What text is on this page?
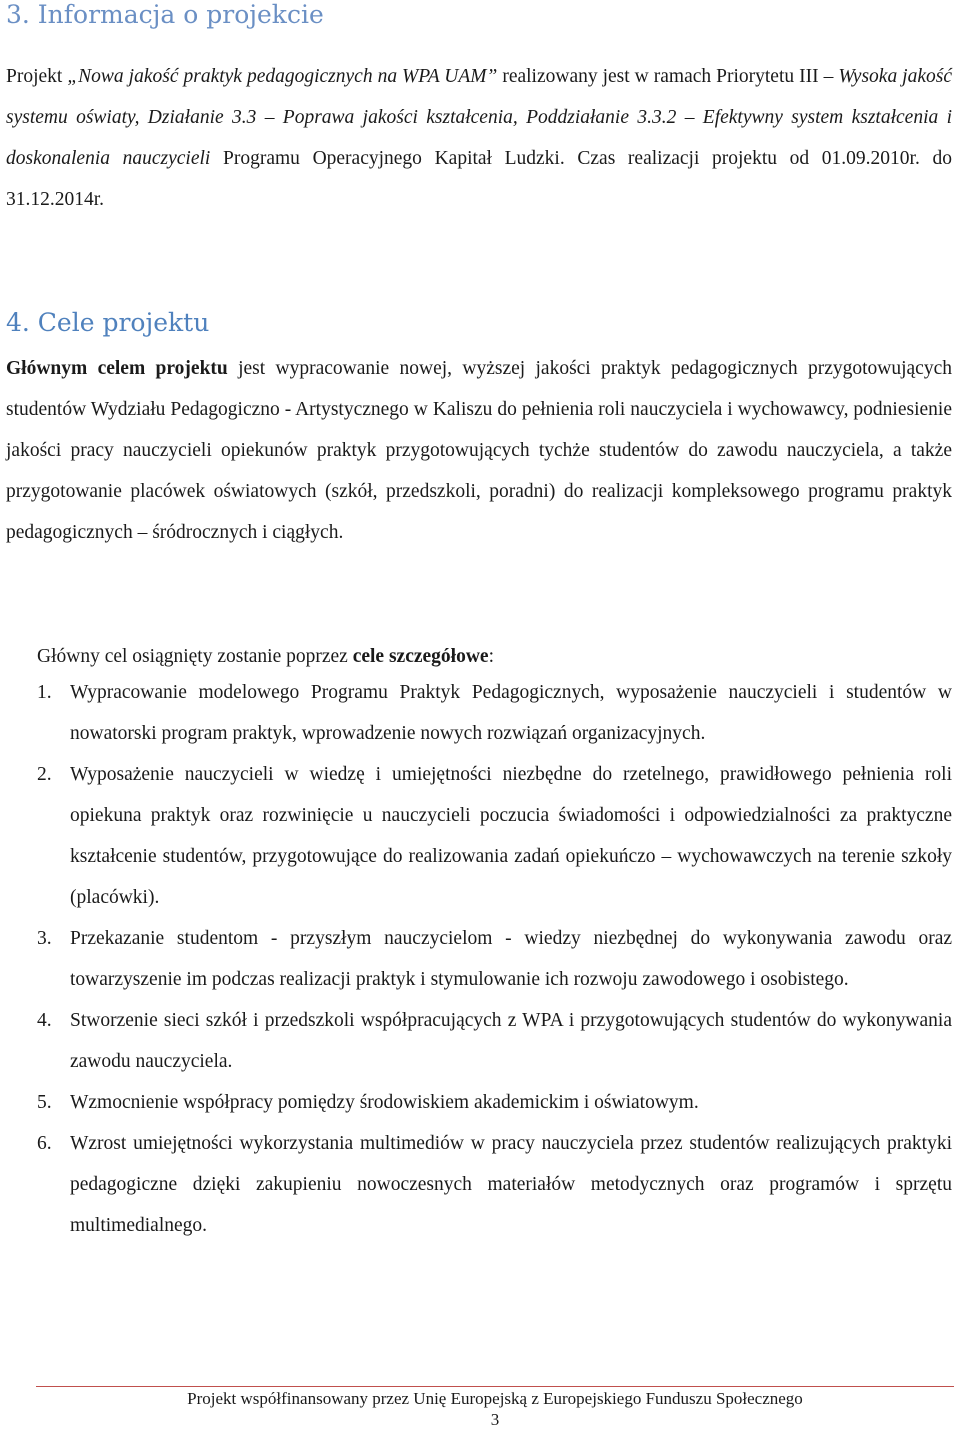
3. Informacja o projekcie

Projekt „Nowa jakość praktyk pedagogicznych na WPA UAM” realizowany jest w ramach Priorytetu III – Wysoka jakość systemu oświaty, Działanie 3.3 – Poprawa jakości kształcenia, Poddziałanie 3.3.2 – Efektywny system kształcenia i doskonalenia nauczycieli Programu Operacyjnego Kapitał Ludzki. Czas realizacji projektu od 01.09.2010r. do 31.12.2014r.

4. Cele projektu

Głównym celem projektu jest wypracowanie nowej, wyższej jakości praktyk pedagogicznych przygotowujących studentów Wydziału Pedagogiczno - Artystycznego w Kaliszu do pełnienia roli nauczyciela i wychowawcy, podniesienie jakości pracy nauczycieli opiekunów praktyk przygotowujących tychże studentów do zawodu nauczyciela, a także przygotowanie placówek oświatowych (szkół, przedszkoli, poradni) do realizacji kompleksowego programu praktyk pedagogicznych – śródrocznych i ciągłych.

Główny cel osiągnięty zostanie poprzez cele szczegółowe:

1. Wypracowanie modelowego Programu Praktyk Pedagogicznych, wyposażenie nauczycieli i studentów w nowatorski program praktyk, wprowadzenie nowych rozwiązań organizacyjnych.
2. Wyposażenie nauczycieli w wiedzę i umiejętności niezbędne do rzetelnego, prawidłowego pełnienia roli opiekuna praktyk oraz rozwinięcie u nauczycieli poczucia świadomości i odpowiedzialności za praktyczne kształcenie studentów, przygotowujące do realizowania zadań opiekuńczo – wychowawczych na terenie szkoły (placówki).
3. Przekazanie studentom - przyszłym nauczycielom - wiedzy niezbędnej do wykonywania zawodu oraz towarzyszenie im podczas realizacji praktyk i stymulowanie ich rozwoju zawodowego i osobistego.
4. Stworzenie sieci szkół i przedszkoli współpracujących z WPA i przygotowujących studentów do wykonywania zawodu nauczyciela.
5. Wzmocnienie współpracy pomiędzy środowiskiem akademickim i oświatowym.
6. Wzrost umiejętności wykorzystania multimediów w pracy nauczyciela przez studentów realizujących praktyki pedagogiczne dzięki zakupieniu nowoczesnych materiałów metodycznych oraz programów i sprzętu multimedialnego.
Projekt współfinansowany przez Unię Europejską z Europejskiego Funduszu Społecznego
3
